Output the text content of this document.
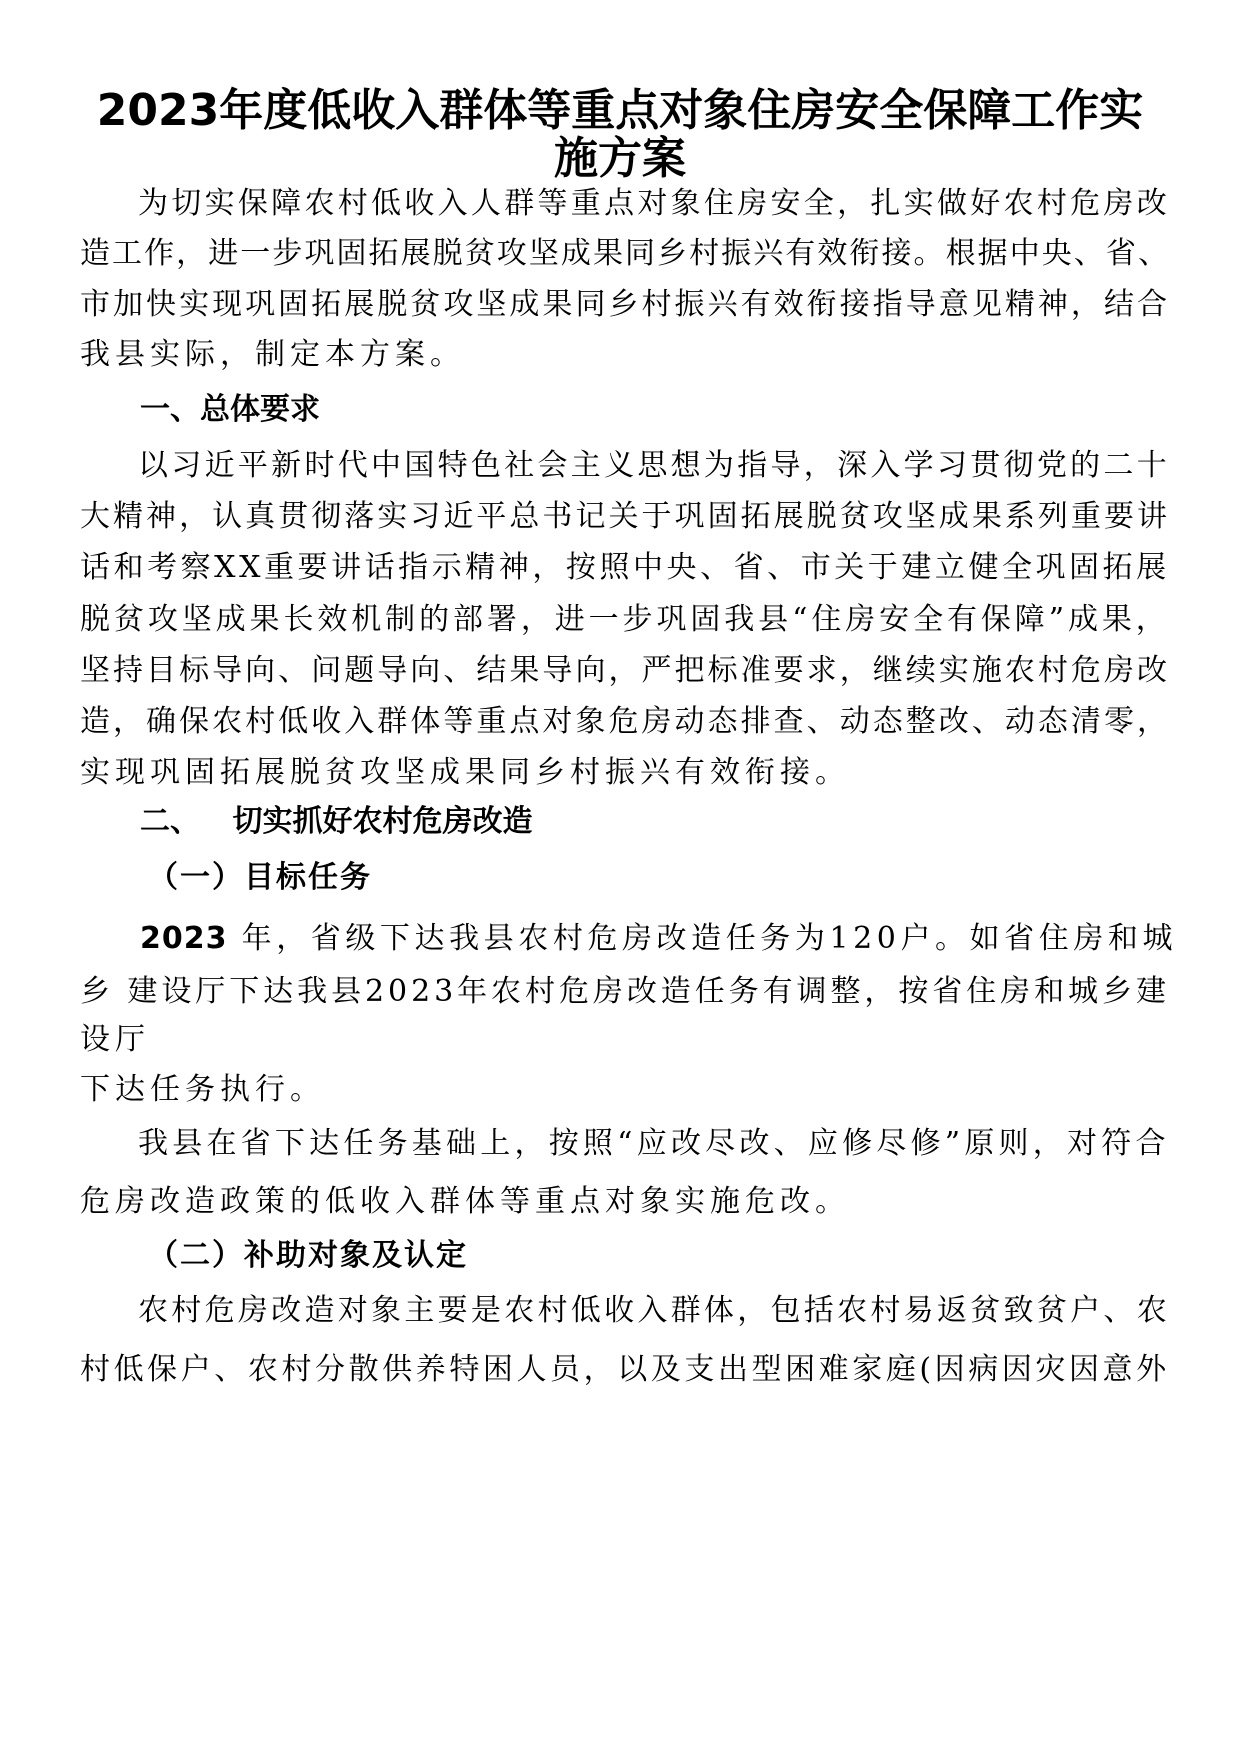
2023年度低收入群体等重点对象住房安全保障工作实
施方案

为切实保障农村低收入人群等重点对象住房安全，扎实做好农村危房改

造工作，进一步巩固拓展脱贫攻坚成果同乡村振兴有效衔接。根据中央、省、

市加快实现巩固拓展脱贫攻坚成果同乡村振兴有效衔接指导意见精神，结合

我县实际，制定本方案。

一、总体要求

以习近平新时代中国特色社会主义思想为指导，深入学习贯彻党的二十

大精神，认真贯彻落实习近平总书记关于巩固拓展脱贫攻坚成果系列重要讲

话和考察XX重要讲话指示精神，按照中央、省、市关于建立健全巩固拓展

脱贫攻坚成果长效机制的部署，进一步巩固我县“住房安全有保障”成果，

坚持目标导向、问题导向、结果导向，严把标准要求，继续实施农村危房改

造，确保农村低收入群体等重点对象危房动态排查、动态整改、动态清零，

实现巩固拓展脱贫攻坚成果同乡村振兴有效衔接。

二、 切实抓好农村危房改造
（一）目标任务

2023 年，省级下达我县农村危房改造任务为120户。如省住房和城

乡 建设厅下达我县2023年农村危房改造任务有调整，按省住房和城乡建

设厅

下达任务执行。

我县在省下达任务基础上，按照“应改尽改、应修尽修”原则，对符合

危房改造政策的低收入群体等重点对象实施危改。

（二）补助对象及认定

农村危房改造对象主要是农村低收入群体，包括农村易返贫致贫户、农

村低保户、农村分散供养特困人员，以及支出型困难家庭(因病因灾因意外
